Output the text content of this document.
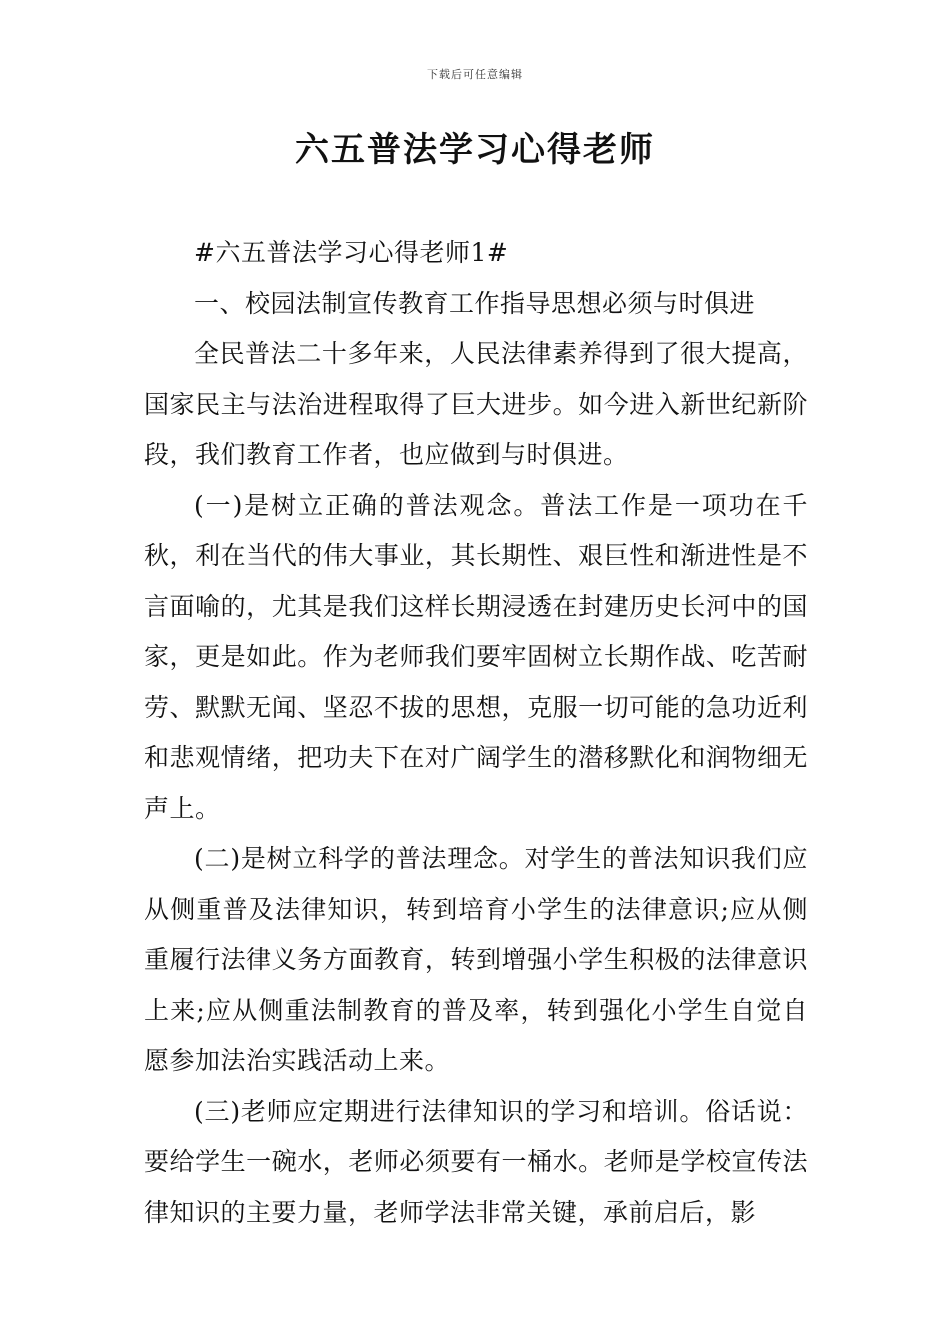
下载后可任意编辑
六五普法学习心得老师

#六五普法学习心得老师1#

一、校园法制宣传教育工作指导思想必须与时俱进

全民普法二十多年来，人民法律素养得到了很大提高，国家民主与法治进程取得了巨大进步。如今进入新世纪新阶段，我们教育工作者，也应做到与时俱进。

(一)是树立正确的普法观念。普法工作是一项功在千秋，利在当代的伟大事业，其长期性、艰巨性和渐进性是不言面喻的，尤其是我们这样长期浸透在封建历史长河中的国家，更是如此。作为老师我们要牢固树立长期作战、吃苦耐劳、默默无闻、坚忍不拔的思想，克服一切可能的急功近利和悲观情绪，把功夫下在对广阔学生的潜移默化和润物细无声上。

(二)是树立科学的普法理念。对学生的普法知识我们应从侧重普及法律知识，转到培育小学生的法律意识;应从侧重履行法律义务方面教育，转到增强小学生积极的法律意识上来;应从侧重法制教育的普及率，转到强化小学生自觉自愿参加法治实践活动上来。

(三)老师应定期进行法律知识的学习和培训。俗话说：要给学生一碗水，老师必须要有一桶水。老师是学校宣传法律知识的主要力量，老师学法非常关键，承前启后，影
